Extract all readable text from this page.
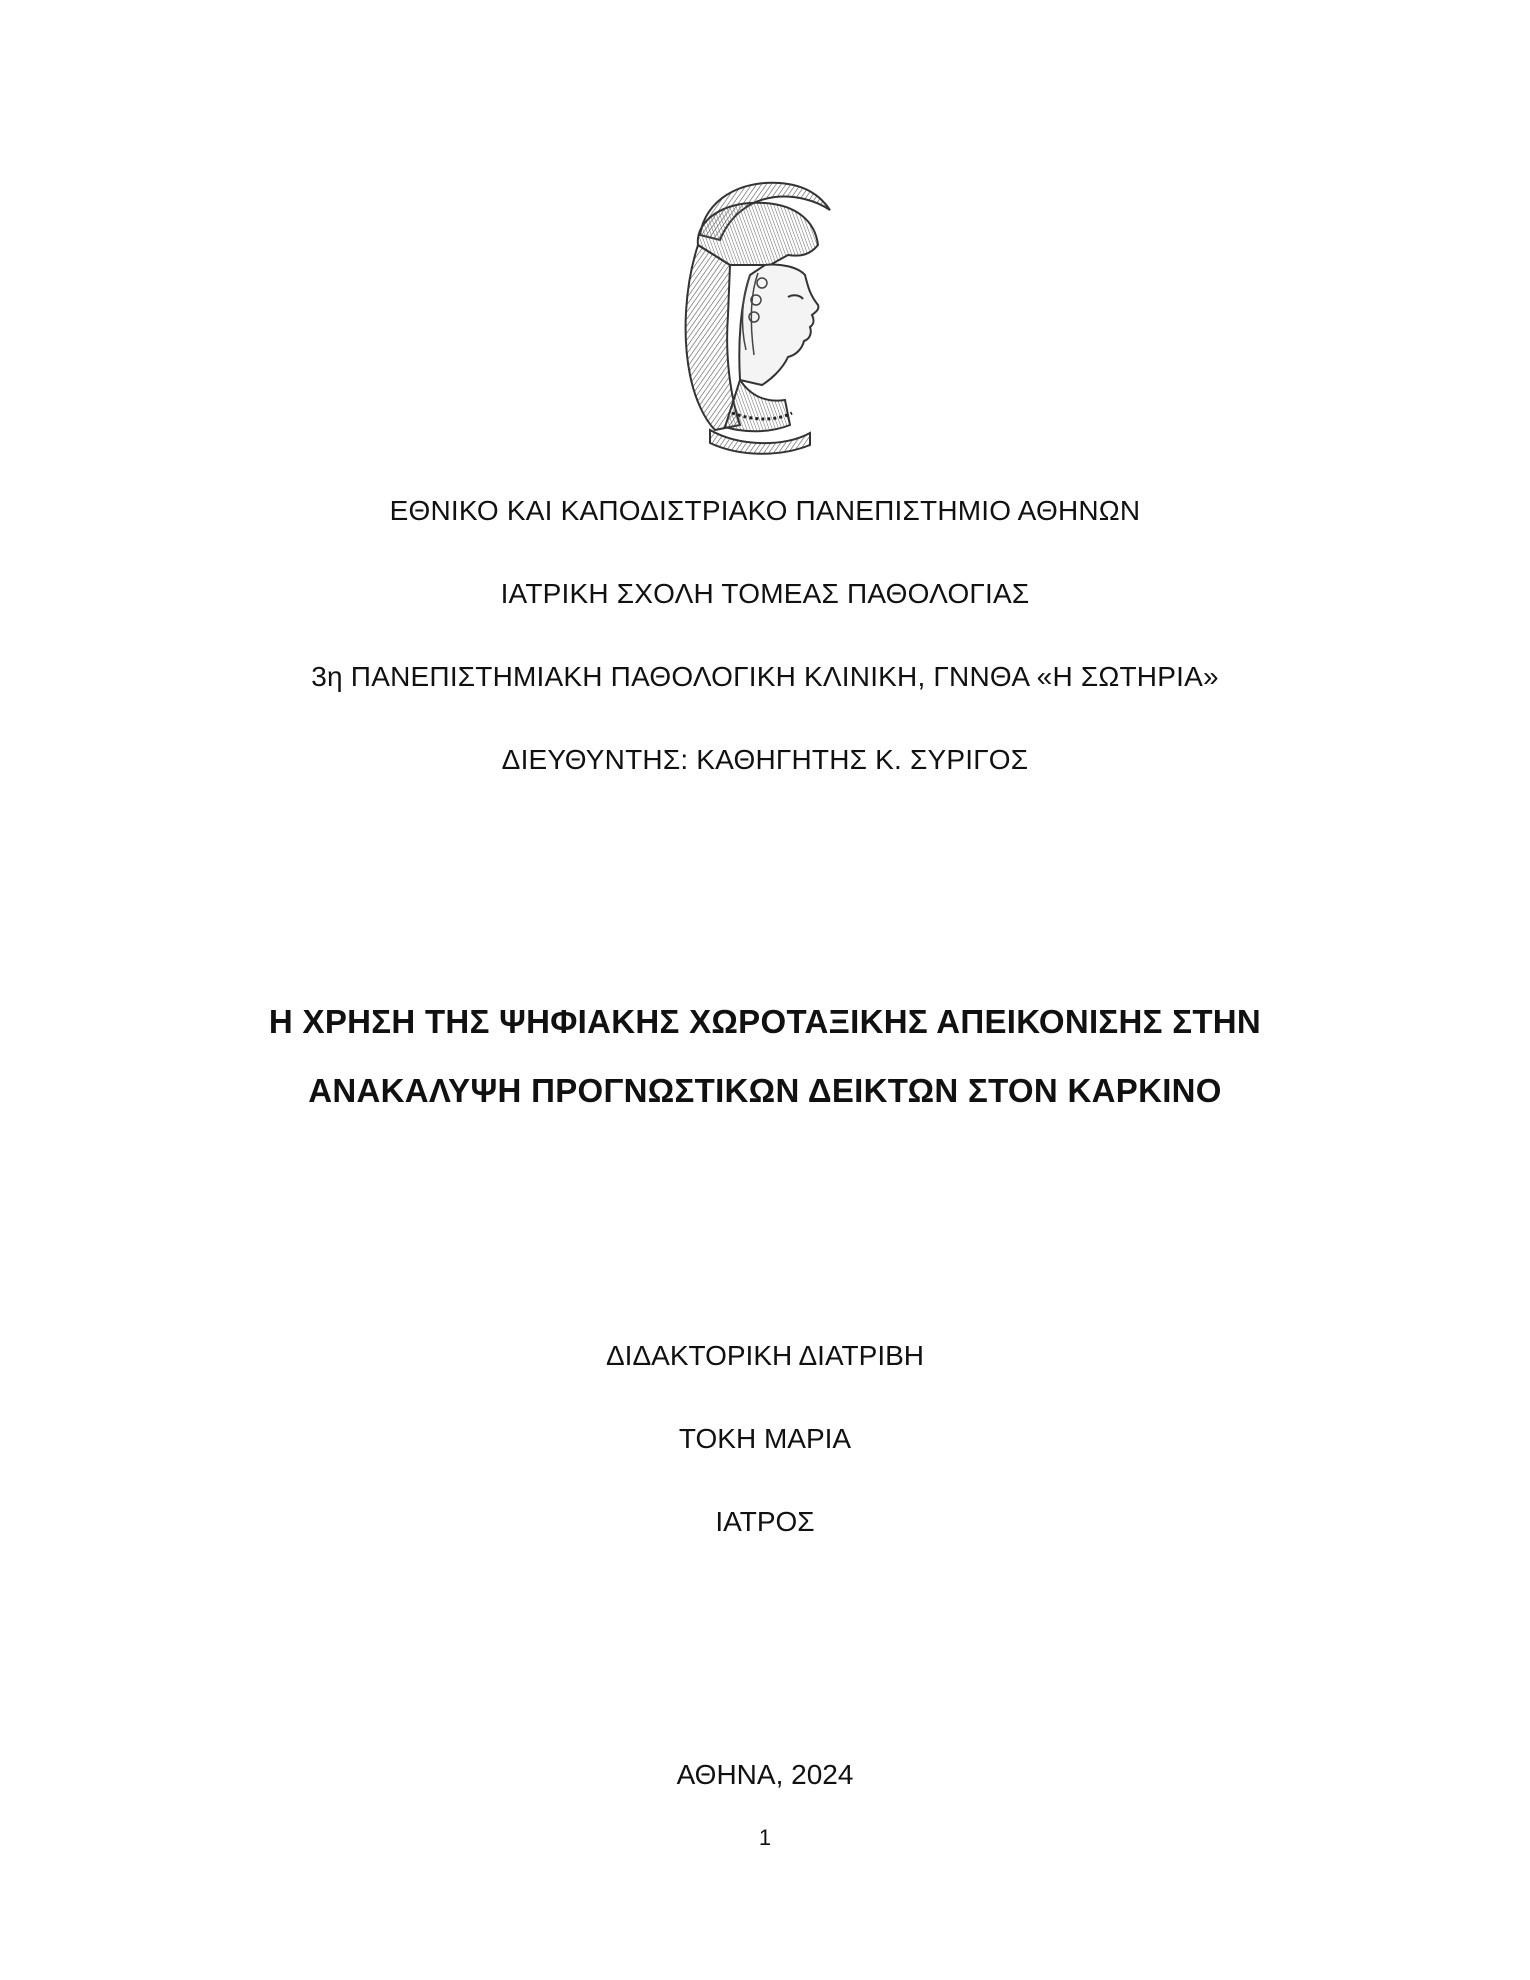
ΕΘΝΙΚΟ ΚΑΙ ΚΑΠΟΔΙΣΤΡΙΑΚΟ ΠΑΝΕΠΙΣΤΗΜΙΟ ΑΘΗΝΩΝ
ΙΑΤΡΙΚΗ ΣΧΟΛΗ ΤΟΜΕΑΣ ΠΑΘΟΛΟΓΙΑΣ
3η ΠΑΝΕΠΙΣΤΗΜΙΑΚΗ ΠΑΘΟΛΟΓΙΚΗ ΚΛΙΝΙΚΗ, ΓΝΝΘΑ «Η ΣΩΤΗΡΙΑ»
ΔΙΕΥΘΥΝΤΗΣ: ΚΑΘΗΓΗΤΗΣ Κ. ΣΥΡΙΓΟΣ
Η ΧΡΗΣΗ ΤΗΣ ΨΗΦΙΑΚΗΣ ΧΩΡΟΤΑΞΙΚΗΣ ΑΠΕΙΚΟΝΙΣΗΣ ΣΤΗΝ
ΑΝΑΚΑΛΥΨΗ ΠΡΟΓΝΩΣΤΙΚΩΝ ΔΕΙΚΤΩΝ ΣΤΟΝ ΚΑΡΚΙΝΟ
ΔΙΔΑΚΤΟΡΙΚΗ ΔΙΑΤΡΙΒΗ
ΤΟΚΗ ΜΑΡΙΑ
ΙΑΤΡΟΣ
ΑΘΗΝΑ, 2024
1
